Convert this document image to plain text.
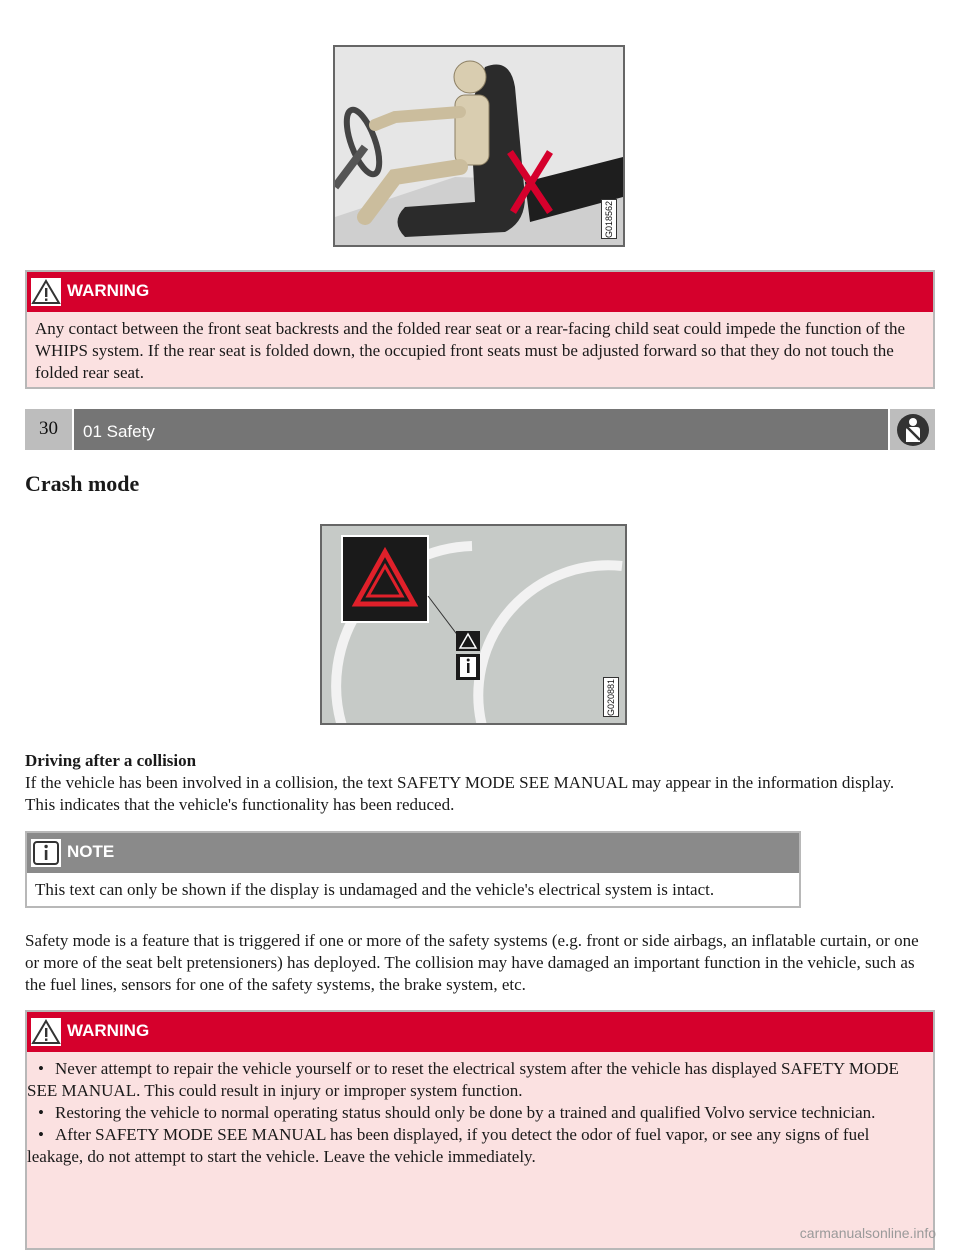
G018562
WARNING
Any contact between the front seat backrests and the folded rear seat or a rear-facing child seat could impede the function of the WHIPS system. If the rear seat is folded down, the occupied front seats must be adjusted forward so that they do not touch the folded rear seat.
30	01 Safety
Crash mode
G020881
Driving after a collision
If the vehicle has been involved in a collision, the text SAFETY MODE SEE MANUAL may appear in the information display. This indicates that the vehicle's functionality has been reduced.
NOTE
This text can only be shown if the display is undamaged and the vehicle's electrical system is intact.
Safety mode is a feature that is triggered if one or more of the safety systems (e.g. front or side airbags, an inflatable curtain, or one or more of the seat belt pretensioners) has deployed. The collision may have damaged an important function in the vehicle, such as the fuel lines, sensors for one of the safety systems, the brake system, etc.
WARNING
• Never attempt to repair the vehicle yourself or to reset the electrical system after the vehicle has displayed SAFETY MODE SEE MANUAL. This could result in injury or improper system function.
• Restoring the vehicle to normal operating status should only be done by a trained and qualified Volvo service technician.
• After SAFETY MODE SEE MANUAL has been displayed, if you detect the odor of fuel vapor, or see any signs of fuel leakage, do not attempt to start the vehicle. Leave the vehicle immediately.
carmanualsonline.info
